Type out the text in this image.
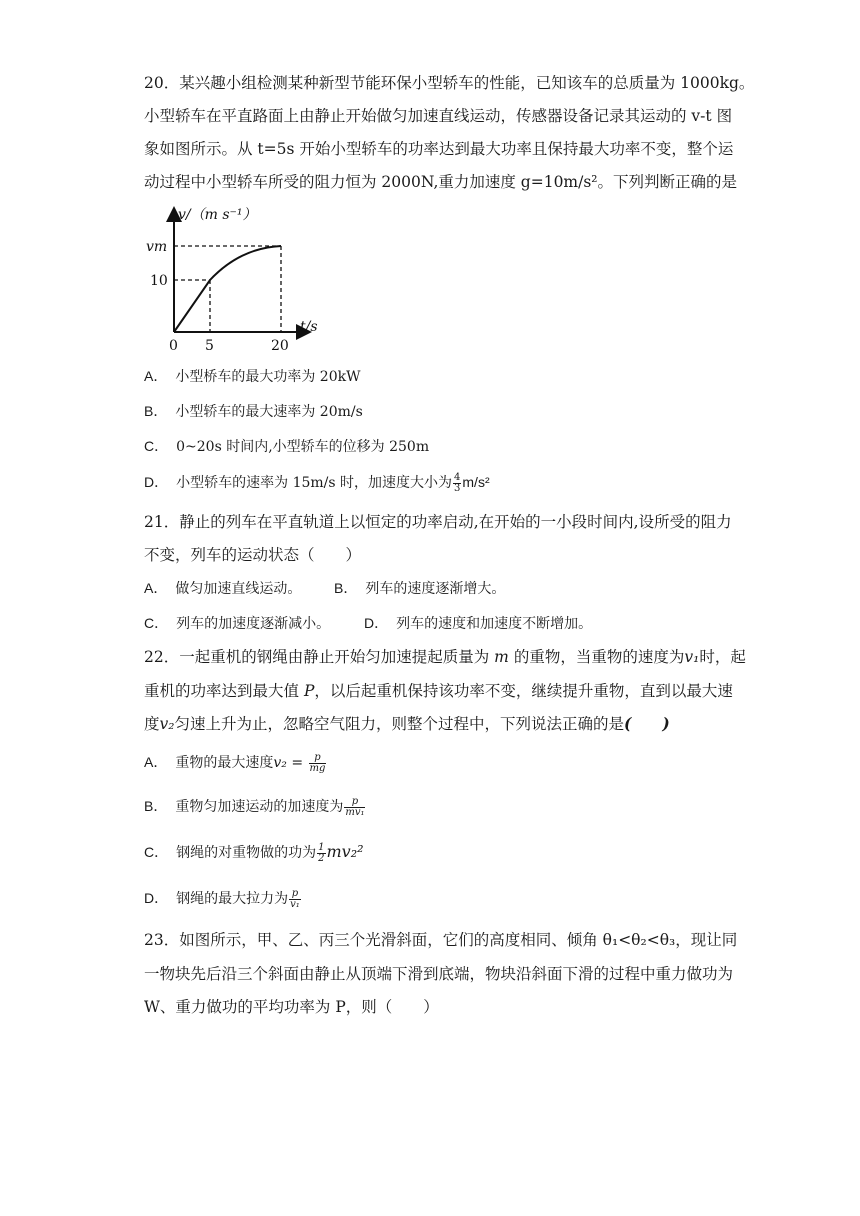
20．某兴趣小组检测某种新型节能环保小型轿车的性能，已知该车的总质量为 1000kg。
小型轿车在平直路面上由静止开始做匀加速直线运动，传感器设备记录其运动的 v-t 图
象如图所示。从 t=5s 开始小型轿车的功率达到最大功率且保持最大功率不变，整个运
动过程中小型轿车所受的阻力恒为 2000N,重力加速度 g=10m/s²。下列判断正确的是
v/（m s⁻¹）
vm
10
0 5	20
t/s
A． 小型桥车的最大功率为 20kW
B． 小型轿车的最大速率为 20m/s
C． 0~20s 时间内,小型轿车的位移为 250m
D． 小型轿车的速率为 15m/s 时，加速度大小为 $\frac{4}{3} m/s^2$
21．静止的列车在平直轨道上以恒定的功率启动,在开始的一小段时间内,设所受的阻力
不变，列车的运动状态（　　）
A． 做匀加速直线运动。 B． 列车的速度逐渐增大。
C． 列车的加速度逐渐减小。 D． 列车的速度和加速度不断增加。
22．一起重机的钢绳由静止开始匀加速提起质量为 m 的重物，当重物的速度为v₁时，起
重机的功率达到最大值 P，以后起重机保持该功率不变，继续提升重物，直到以最大速
度v₂匀速上升为止，忽略空气阻力，则整个过程中，下列说法正确的是(　　)
A． 重物的最大速度$v_2 = \frac{p}{mg}$
B． 重物匀加速运动的加速度为 $\frac{p}{\text{mv₁}}$
C． 钢绳的对重物做的功为 $\frac{1}{2} mv_2^2$
D． 钢绳的最大拉力为 $\frac{p}{\text{v₁}}$
23．如图所示，甲、乙、丙三个光滑斜面，它们的高度相同、倾角 θ₁<θ₂<θ₃，现让同
一物块先后沿三个斜面由静止从顶端下滑到底端，物块沿斜面下滑的过程中重力做功为
W、重力做功的平均功率为 P，则（　　）
